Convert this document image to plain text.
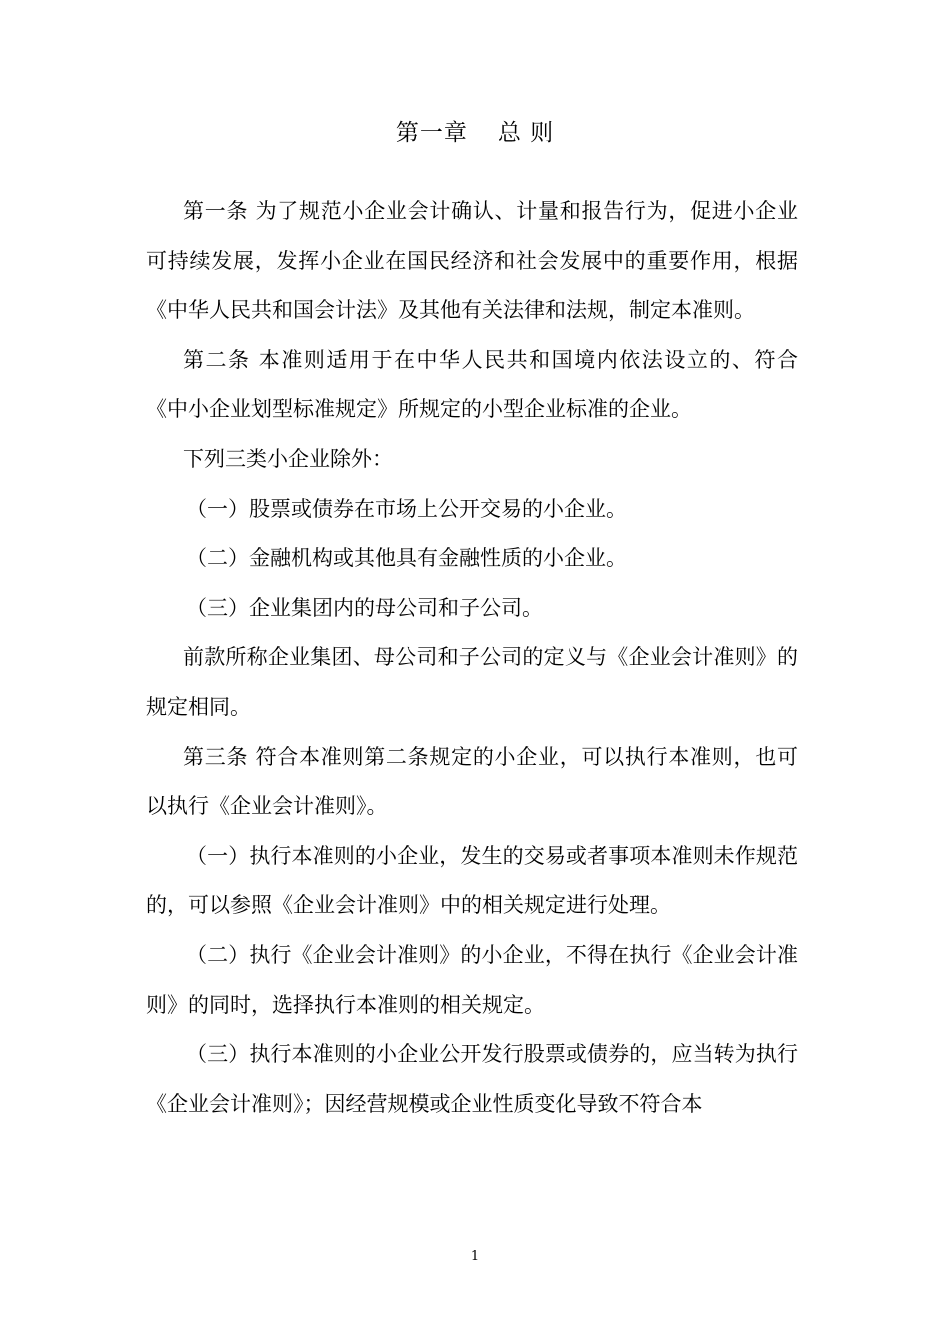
第一章 总 则

第一条 为了规范小企业会计确认、计量和报告行为，促进小企业可持续发展，发挥小企业在国民经济和社会发展中的重要作用，根据《中华人民共和国会计法》及其他有关法律和法规，制定本准则。

第二条 本准则适用于在中华人民共和国境内依法设立的、符合《中小企业划型标准规定》所规定的小型企业标准的企业。

下列三类小企业除外：

（一）股票或债券在市场上公开交易的小企业。

（二）金融机构或其他具有金融性质的小企业。

（三）企业集团内的母公司和子公司。

前款所称企业集团、母公司和子公司的定义与《企业会计准则》的规定相同。

第三条 符合本准则第二条规定的小企业，可以执行本准则，也可以执行《企业会计准则》。

（一）执行本准则的小企业，发生的交易或者事项本准则未作规范的，可以参照《企业会计准则》中的相关规定进行处理。

（二）执行《企业会计准则》的小企业，不得在执行《企业会计准则》的同时，选择执行本准则的相关规定。

（三）执行本准则的小企业公开发行股票或债券的，应当转为执行《企业会计准则》；因经营规模或企业性质变化导致不符合本

1
